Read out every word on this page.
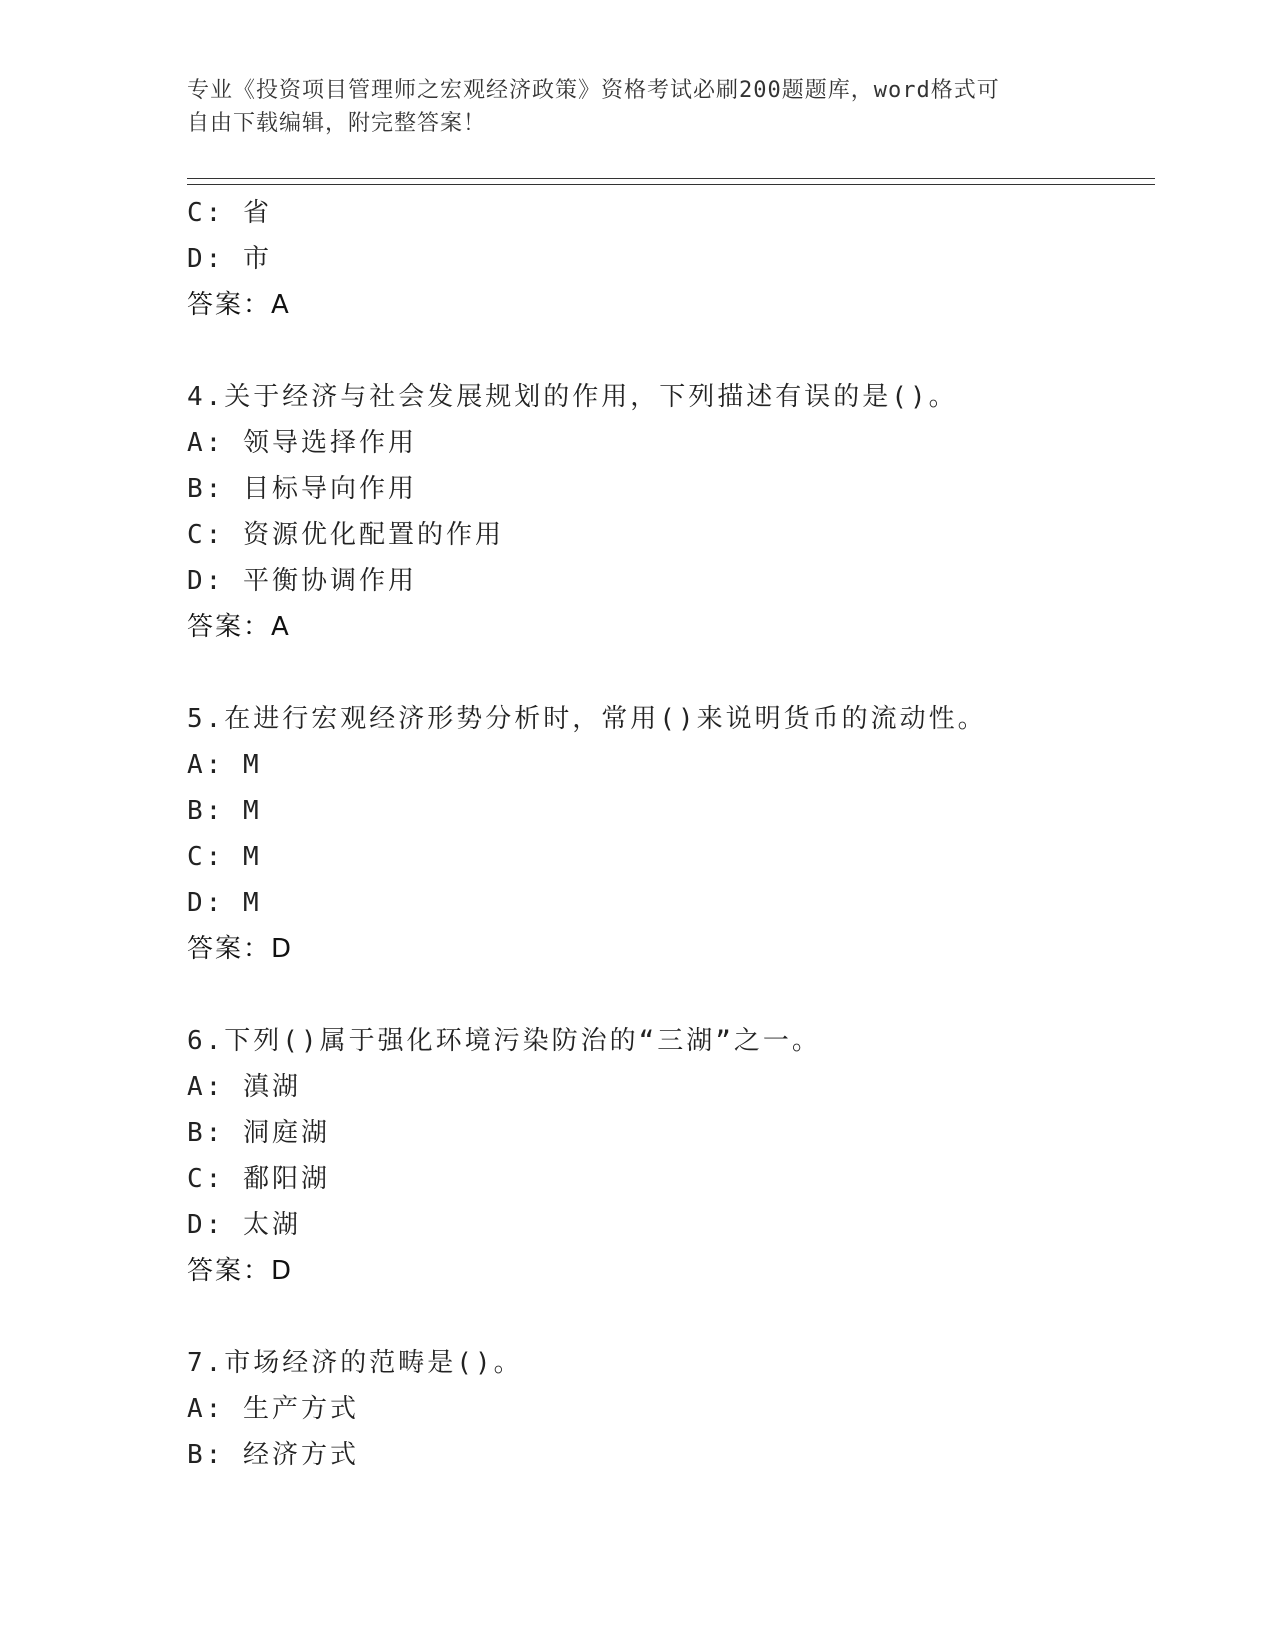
专业《投资项目管理师之宏观经济政策》资格考试必刷200题题库，word格式可
自由下载编辑，附完整答案！
C: 省
D: 市
答案：A
4.关于经济与社会发展规划的作用，下列描述有误的是()。
A: 领导选择作用
B: 目标导向作用
C: 资源优化配置的作用
D: 平衡协调作用
答案：A
5.在进行宏观经济形势分析时，常用()来说明货币的流动性。
A: M
B: M
C: M
D: M
答案：D
6.下列()属于强化环境污染防治的“三湖”之一。
A: 滇湖
B: 洞庭湖
C: 鄱阳湖
D: 太湖
答案：D
7.市场经济的范畴是()。
A: 生产方式
B: 经济方式
